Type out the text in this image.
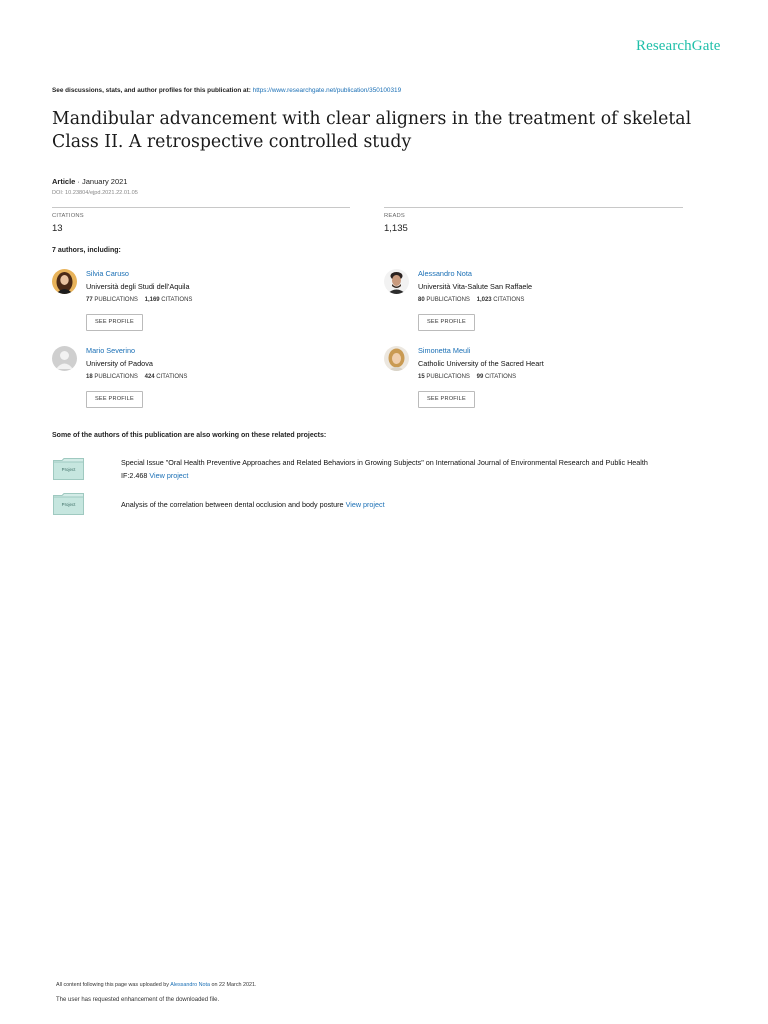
ResearchGate
See discussions, stats, and author profiles for this publication at: https://www.researchgate.net/publication/350100319
Mandibular advancement with clear aligners in the treatment of skeletal Class II. A retrospective controlled study
Article · January 2021
DOI: 10.23804/ejpd.2021.22.01.05
CITATIONS
13
READS
1,135
7 authors, including:
Silvia Caruso
Università degli Studi dell'Aquila
77 PUBLICATIONS 1,169 CITATIONS
SEE PROFILE
Alessandro Nota
Università Vita-Salute San Raffaele
80 PUBLICATIONS 1,023 CITATIONS
SEE PROFILE
Mario Severino
University of Padova
18 PUBLICATIONS 424 CITATIONS
SEE PROFILE
Simonetta Meuli
Catholic University of the Sacred Heart
15 PUBLICATIONS 99 CITATIONS
SEE PROFILE
Some of the authors of this publication are also working on these related projects:
Project
Special Issue "Oral Health Preventive Approaches and Related Behaviors in Growing Subjects" on International Journal of Environmental Research and Public Health
IF:2.468 View project
Project	Analysis of the correlation between dental occlusion and body posture View project
All content following this page was uploaded by Alessandro Nota on 22 March 2021.
The user has requested enhancement of the downloaded file.
